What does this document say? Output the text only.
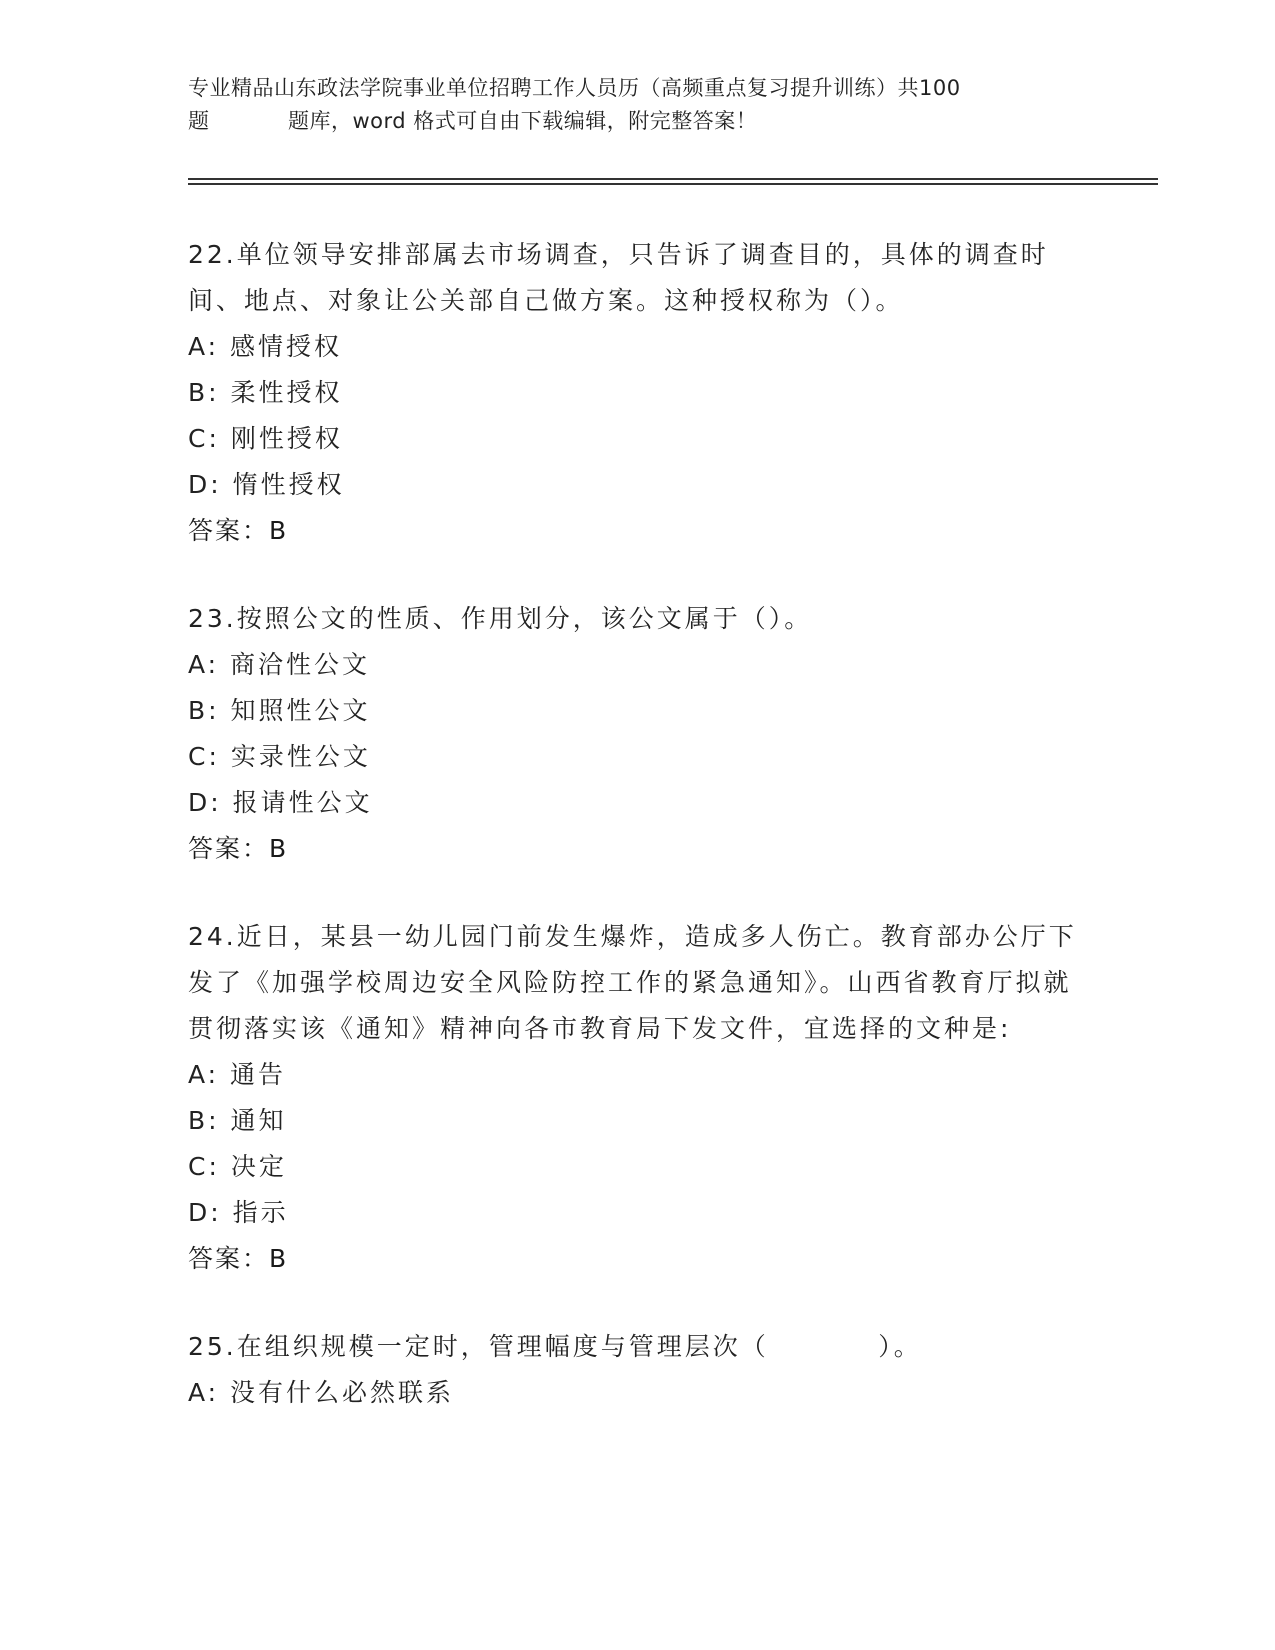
专业精品山东政法学院事业单位招聘工作人员历（高频重点复习提升训练）共100
题	题库，word 格式可自由下载编辑，附完整答案！
22.单位领导安排部属去市场调查，只告诉了调查目的，具体的调查时间、地点、对象让公关部自己做方案。这种授权称为（）。
A: 感情授权
B: 柔性授权
C: 刚性授权
D: 惰性授权
答案：B
23.按照公文的性质、作用划分，该公文属于（）。
A: 商洽性公文
B: 知照性公文
C: 实录性公文
D: 报请性公文
答案：B
24.近日，某县一幼儿园门前发生爆炸，造成多人伤亡。教育部办公厅下发了《加强学校周边安全风险防控工作的紧急通知》。山西省教育厅拟就贯彻落实该《通知》精神向各市教育局下发文件，宜选择的文种是:
A: 通告
B: 通知
C: 决定
D: 指示
答案：B
25.在组织规模一定时，管理幅度与管理层次（          ）。
A: 没有什么必然联系
